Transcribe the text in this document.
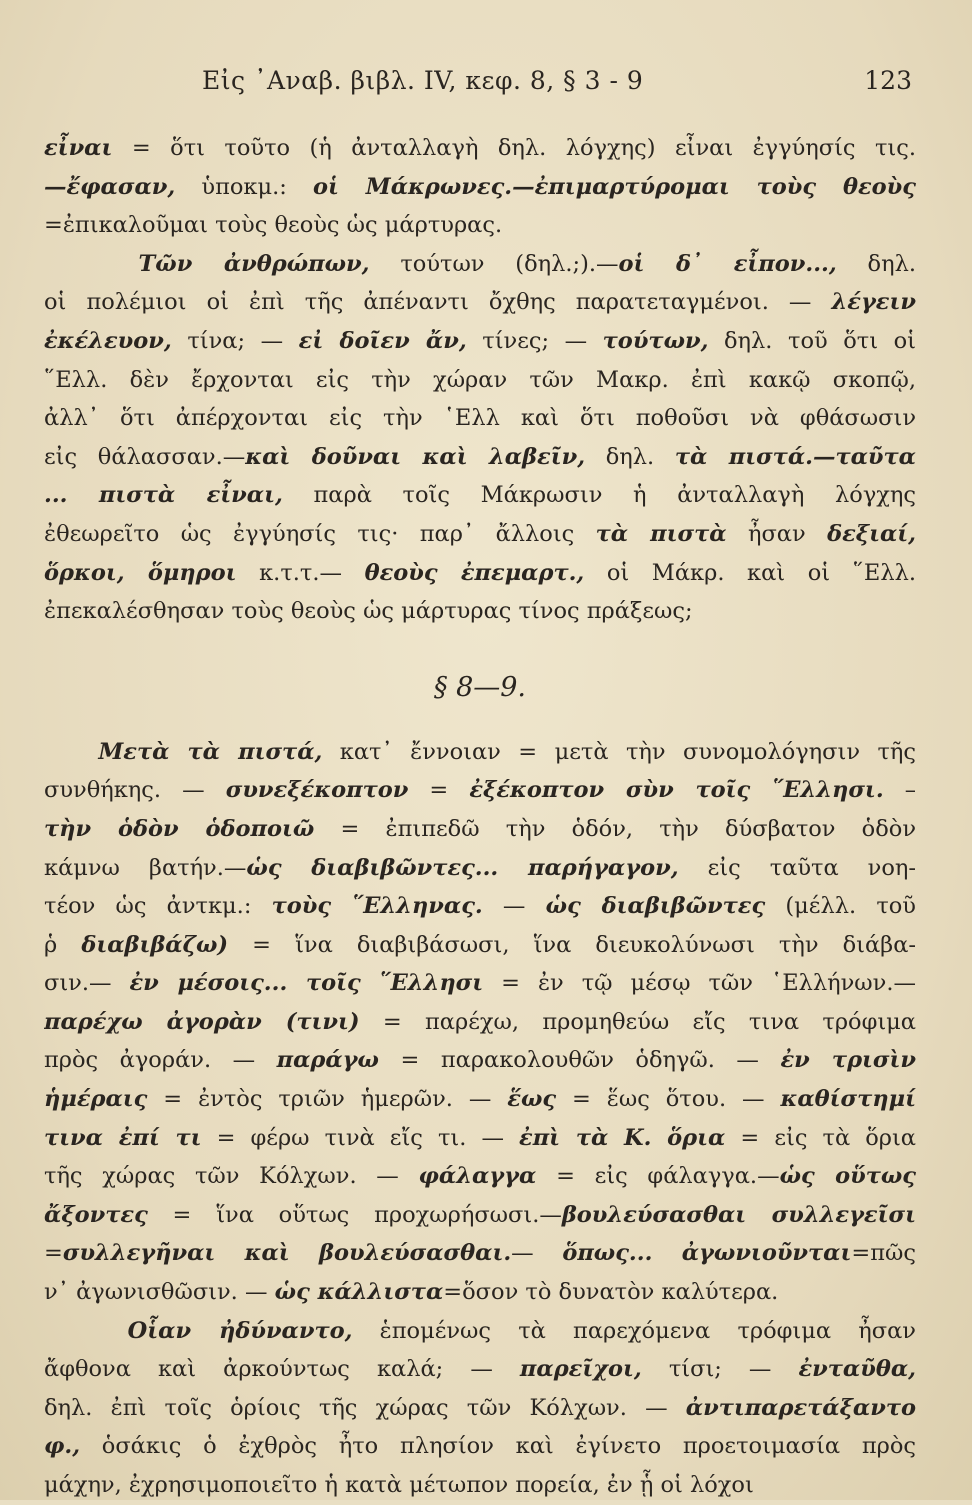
Εἰς ᾿Αναβ. βιβλ. IV, κεφ. 8, § 3 - 9	123
εἶναι = ὅτι τοῦτο (ἡ ἀνταλλαγὴ δηλ. λόγχης) εἶναι ἐγγύησίς τις.
—ἔφασαν, ὑποκμ.: οἱ Μάκρωνες.—ἐπιμαρτύρομαι τοὺς θεοὺς
=ἐπικαλοῦμαι τοὺς θεοὺς ὡς μάρτυρας.
Τῶν ἀνθρώπων, τούτων (δηλ.;).—οἱ δ᾿ εἶπον..., δηλ.
οἱ πολέμιοι οἱ ἐπὶ τῆς ἀπέναντι ὄχθης παρατεταγμένοι. — λέγειν
ἐκέλευον, τίνα; — εἰ δοῖεν ἄν, τίνες; — τούτων, δηλ. τοῦ ὅτι οἱ
῞Ελλ. δὲν ἔρχονται εἰς τὴν χώραν τῶν Μακρ. ἐπὶ κακῷ σκοπῷ,
ἀλλ᾿ ὅτι ἀπέρχονται εἰς τὴν ῾Ελλ καὶ ὅτι ποθοῦσι νὰ φθάσωσιν
εἰς θάλασσαν.—καὶ δοῦναι καὶ λαβεῖν, δηλ. τὰ πιστά.—ταῦτα
... πιστὰ εἶναι, παρὰ τοῖς Μάκρωσιν ἡ ἀνταλλαγὴ λόγχης
ἐθεωρεῖτο ὡς ἐγγύησίς τις· παρ᾿ ἄλλοις τὰ πιστὰ ἦσαν δεξιαί,
ὅρκοι, ὅμηροι κ.τ.τ.— θεοὺς ἐπεμαρτ., οἱ Μάκρ. καὶ οἱ ῞Ελλ.
ἐπεκαλέσθησαν τοὺς θεοὺς ὡς μάρτυρας τίνος πράξεως;
§ 8—9.
Μετὰ τὰ πιστά, κατ᾿ ἔννοιαν = μετὰ τὴν συνομολόγησιν τῆς
συνθήκης. — συνεξέκοπτον = ἐξέκοπτον σὺν τοῖς ῞Ελλησι. –
τὴν ὁδὸν ὁδοποιῶ = ἐπιπεδῶ τὴν ὁδόν, τὴν δύσβατον ὁδὸν
κάμνω βατήν.—ὡς διαβιβῶντες... παρήγαγον, εἰς ταῦτα νοη-
τέον ὡς ἀντκμ.: τοὺς ῞Ελληνας. — ὡς διαβιβῶντες (μέλλ. τοῦ
ῥ διαβιβάζω) = ἵνα διαβιβάσωσι, ἵνα διευκολύνωσι τὴν διάβα-
σιν.— ἐν μέσοις... τοῖς ῞Ελλησι = ἐν τῷ μέσῳ τῶν ῾Ελλήνων.—
παρέχω ἀγορὰν (τινι) = παρέχω, προμηθεύω εἴς τινα τρόφιμα
πρὸς ἀγοράν. — παράγω = παρακολουθῶν ὁδηγῶ. — ἐν τρισὶν
ἡμέραις = ἐντὸς τριῶν ἡμερῶν. — ἕως = ἕως ὅτου. — καθίστημί
τινα ἐπί τι = φέρω τινὰ εἴς τι. — ἐπὶ τὰ Κ. ὅρια = εἰς τὰ ὅρια
τῆς χώρας τῶν Κόλχων. — φάλαγγα = εἰς φάλαγγα.—ὡς οὕτως
ἄξοντες = ἵνα οὕτως προχωρήσωσι.—βουλεύσασθαι συλλεγεῖσι
=συλλεγῆναι καὶ βουλεύσασθαι.— ὅπως... ἀγωνιοῦνται=πῶς
ν᾿ ἀγωνισθῶσιν. — ὡς κάλλιστα=ὅσον τὸ δυνατὸν καλύτερα.
Οἷαν ἠδύναντο, ἑπομένως τὰ παρεχόμενα τρόφιμα ἦσαν
ἄφθονα καὶ ἀρκούντως καλά; — παρεῖχοι, τίσι; — ἐνταῦθα,
δηλ. ἐπὶ τοῖς ὁρίοις τῆς χώρας τῶν Κόλχων. — ἀντιπαρετάξαντο
φ., ὁσάκις ὁ ἐχθρὸς ἦτο πλησίον καὶ ἐγίνετο προετοιμασία πρὸς
μάχην, ἐχρησιμοποιεῖτο ἡ κατὰ μέτωπον πορεία, ἐν ᾗ οἱ λόχοι
